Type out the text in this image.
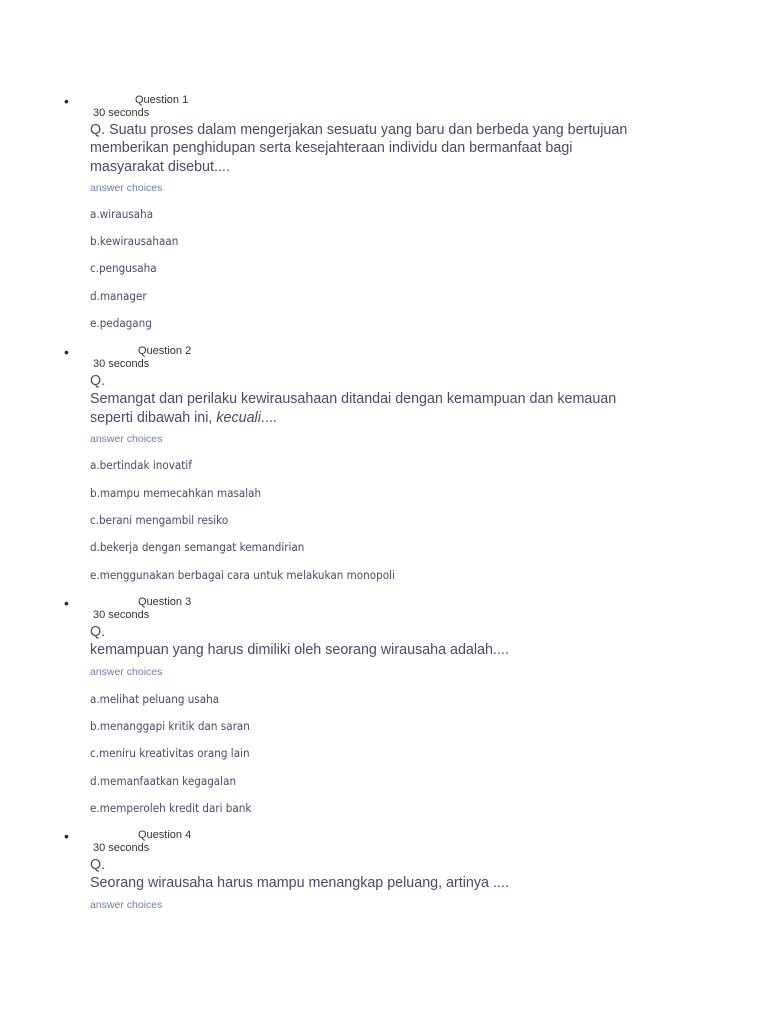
•	Question 1
30 seconds
Q. Suatu proses dalam mengerjakan sesuatu yang baru dan berbeda yang bertujuan
memberikan penghidupan serta kesejahteraan individu dan bermanfaat bagi
masyarakat disebut....
answer choices
a.wirausaha
b.kewirausahaan
c.pengusaha
d.manager
e.pedagang
•	Question 2
30 seconds
Q.
Semangat dan perilaku kewirausahaan ditandai dengan kemampuan dan kemauan
seperti dibawah ini, kecuali....
answer choices
a.bertindak inovatif
b.mampu memecahkan masalah
c.berani mengambil resiko
d.bekerja dengan semangat kemandirian
e.menggunakan berbagai cara untuk melakukan monopoli
•	Question 3
30 seconds
Q.
kemampuan yang harus dimiliki oleh seorang wirausaha adalah....
answer choices
a.melihat peluang usaha
b.menanggapi kritik dan saran
c.meniru kreativitas orang lain
d.memanfaatkan kegagalan
e.memperoleh kredit dari bank
•	Question 4
30 seconds
Q.
Seorang wirausaha harus mampu menangkap peluang, artinya ....
answer choices
